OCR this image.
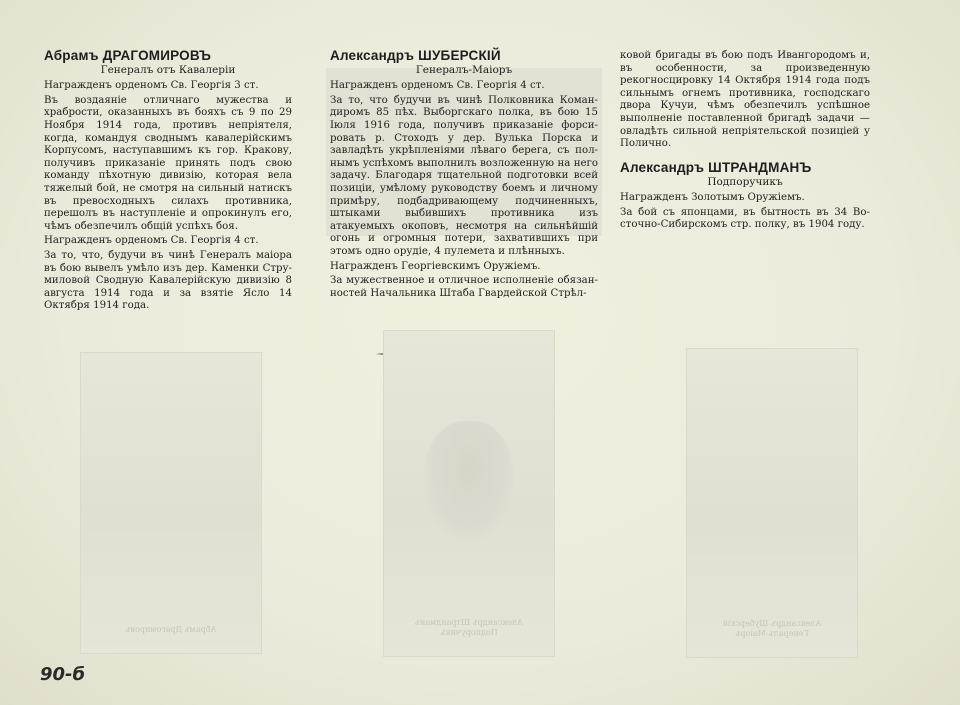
Абрамъ ДРАГОМИРОВЪ
Генералъ отъ Кавалеріи

Награжденъ орденомъ Св. Георгія 3 ст.

Въ воздаяніе отличнаго мужества и храбрости, оказанныхъ въ бояхъ съ 9 по 29 Ноября 1914 года, противъ непріятеля, когда, командуя своднымъ кавалерійскимъ Корпусомъ, наступавшимъ къ гор. Кракову, получивъ приказаніе принять подъ свою команду пѣхотную дивизію, которая вела тяжелый бой, не смотря на сильный натискъ въ превосходныхъ силахъ противника, перешолъ въ наступленіе и опрокинулъ его, чѣмъ обезпечилъ общій успѣхъ боя.

Награжденъ орденомъ Св. Георгія 4 ст.

За то, что, будучи въ чинѣ Генералъ маіора въ бою вывелъ умѣло изъ дер. Каменки Струмиловой Сводную Кавалерійскую дивизію 8 августа 1914 года и за взятіе Ясло 14 Октября 1914 года.

Александръ ШУБЕРСКІЙ
Генералъ-Маіоръ

Награжденъ орденомъ Св. Георгія 4 ст.

За то, что будучи въ чинѣ Полковника Командиромъ 85 пѣх. Выборгскаго полка, въ бою 15 Іюля 1916 года, получивъ приказаніе форсировать р. Стоходъ у дер. Вулька Порска и завладѣть укрѣпленіями лѣваго берега, съ полнымъ успѣхомъ выполнилъ возложенную на него задачу. Благодаря тщательной подготовки всей позиціи, умѣлому руководству боемъ и личному примѣру, подбадривающему подчиненныхъ, штыками выбившихъ противника изъ атакуемыхъ окоповъ, несмотря на сильнѣйшій огонь и огромныя потери, захватившихъ при этомъ одно орудіе, 4 пулемета и плѣнныхъ.

Награжденъ Георгіевскимъ Оружіемъ.

За мужественное и отличное исполненіе обязанностей Начальника Штаба Гвардейской Стрѣл-

ковой бригады въ бою подъ Ивангородомъ и, въ особенности, за произведенную рекогносцировку 14 Октября 1914 года подъ сильнымъ огнемъ противника, господскаго двора Кучуи, чѣмъ обезпечилъ успѣшное выполненіе поставленной бригадѣ задачи — овладѣть сильной непріятельской позиціей у Полично.

Александръ ШТРАНДМАНЪ
Подпоручикъ

Награжденъ Золотымъ Оружіемъ.

За бой съ японцами, въ бытность въ 34 Восточно-Сибирскомъ стр. полку, въ 1904 году.

Абрамъ Драгомировъ
Александръ Штрандманъ
Подпоручикъ
Александръ Шуберскій
Генералъ-Маіоръ
90-б
